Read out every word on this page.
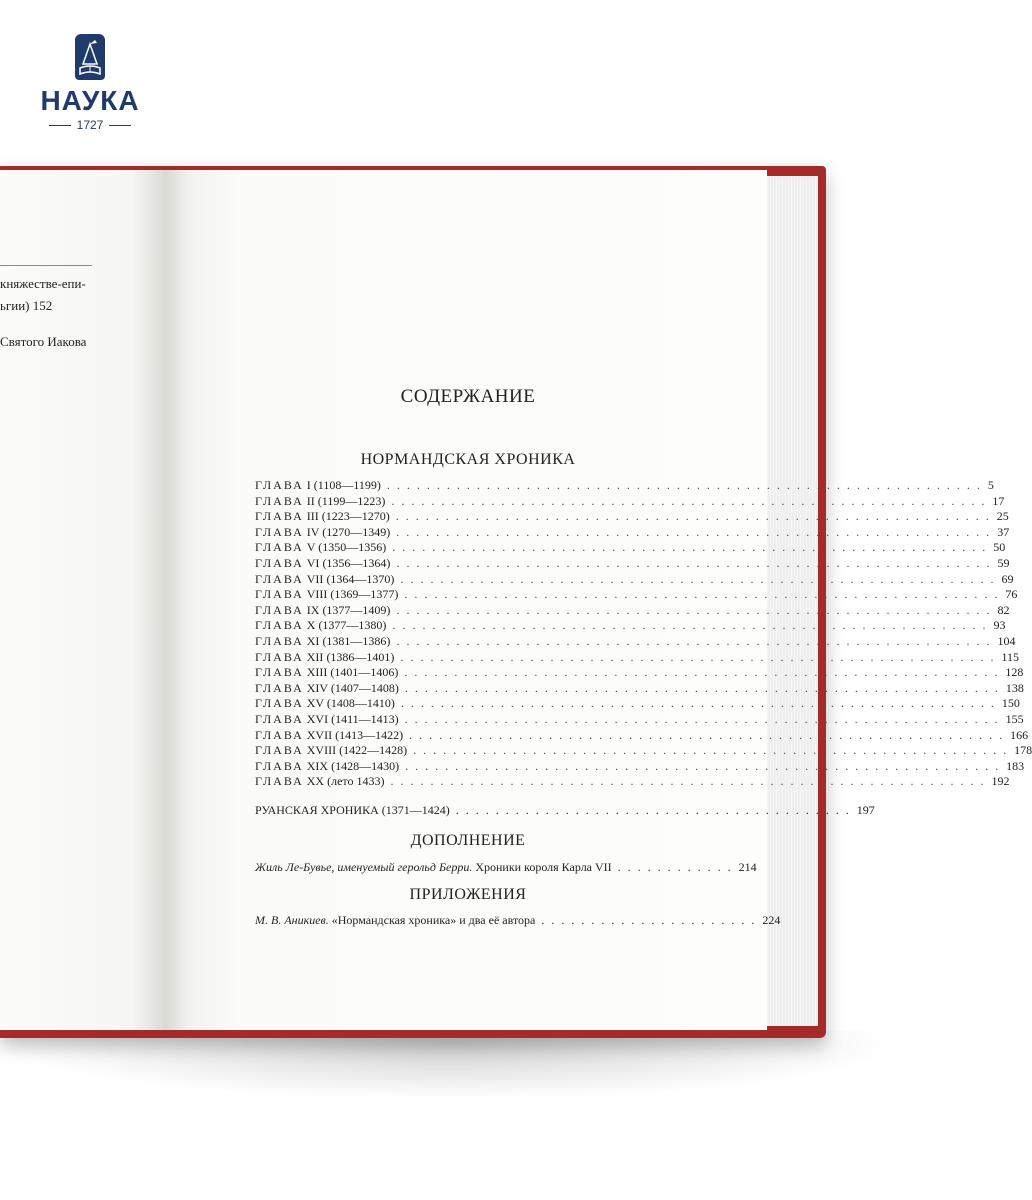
НАУКА
1727
княжестве-епи-
ьгии) 152
Святого Иакова
СОДЕРЖАНИЕ
НОРМАНДСКАЯ ХРОНИКА
ГЛАВА I (1108—1199) . . . . . . . . . . . . . . . . . . . . . . . . . . . . . . . . . . . . . . . . . . . . . . . . . . . . . . . . . . . . 5
ГЛАВА II (1199—1223) . . . . . . . . . . . . . . . . . . . . . . . . . . . . . . . . . . . . . . . . . . . . . . . . . . . . . . . . . . . . 17
ГЛАВА III (1223—1270) . . . . . . . . . . . . . . . . . . . . . . . . . . . . . . . . . . . . . . . . . . . . . . . . . . . . . . . . . . . . 25
ГЛАВА IV (1270—1349) . . . . . . . . . . . . . . . . . . . . . . . . . . . . . . . . . . . . . . . . . . . . . . . . . . . . . . . . . . . . 37
ГЛАВА V (1350—1356) . . . . . . . . . . . . . . . . . . . . . . . . . . . . . . . . . . . . . . . . . . . . . . . . . . . . . . . . . . . . 50
ГЛАВА VI (1356—1364) . . . . . . . . . . . . . . . . . . . . . . . . . . . . . . . . . . . . . . . . . . . . . . . . . . . . . . . . . . . . 59
ГЛАВА VII (1364—1370) . . . . . . . . . . . . . . . . . . . . . . . . . . . . . . . . . . . . . . . . . . . . . . . . . . . . . . . . . . . . 69
ГЛАВА VIII (1369—1377) . . . . . . . . . . . . . . . . . . . . . . . . . . . . . . . . . . . . . . . . . . . . . . . . . . . . . . . . . . . . 76
ГЛАВА IX (1377—1409) . . . . . . . . . . . . . . . . . . . . . . . . . . . . . . . . . . . . . . . . . . . . . . . . . . . . . . . . . . . . 82
ГЛАВА X (1377—1380) . . . . . . . . . . . . . . . . . . . . . . . . . . . . . . . . . . . . . . . . . . . . . . . . . . . . . . . . . . . . 93
ГЛАВА XI (1381—1386) . . . . . . . . . . . . . . . . . . . . . . . . . . . . . . . . . . . . . . . . . . . . . . . . . . . . . . . . . . . . 104
ГЛАВА XII (1386—1401) . . . . . . . . . . . . . . . . . . . . . . . . . . . . . . . . . . . . . . . . . . . . . . . . . . . . . . . . . . . . 115
ГЛАВА XIII (1401—1406) . . . . . . . . . . . . . . . . . . . . . . . . . . . . . . . . . . . . . . . . . . . . . . . . . . . . . . . . . . . . 128
ГЛАВА XIV (1407—1408) . . . . . . . . . . . . . . . . . . . . . . . . . . . . . . . . . . . . . . . . . . . . . . . . . . . . . . . . . . . . 138
ГЛАВА XV (1408—1410) . . . . . . . . . . . . . . . . . . . . . . . . . . . . . . . . . . . . . . . . . . . . . . . . . . . . . . . . . . . . 150
ГЛАВА XVI (1411—1413) . . . . . . . . . . . . . . . . . . . . . . . . . . . . . . . . . . . . . . . . . . . . . . . . . . . . . . . . . . . . 155
ГЛАВА XVII (1413—1422) . . . . . . . . . . . . . . . . . . . . . . . . . . . . . . . . . . . . . . . . . . . . . . . . . . . . . . . . . . . . 166
ГЛАВА XVIII (1422—1428) . . . . . . . . . . . . . . . . . . . . . . . . . . . . . . . . . . . . . . . . . . . . . . . . . . . . . . . . . . . . 178
ГЛАВА XIX (1428—1430) . . . . . . . . . . . . . . . . . . . . . . . . . . . . . . . . . . . . . . . . . . . . . . . . . . . . . . . . . . . . 183
ГЛАВА XX (лето 1433) . . . . . . . . . . . . . . . . . . . . . . . . . . . . . . . . . . . . . . . . . . . . . . . . . . . . . . . . . . . . 192
РУАНСКАЯ ХРОНИКА (1371—1424) . . . . . . . . . . . . . . . . . . . . . . . . . . . . . . . . . . . . . . . . 197
ДОПОЛНЕНИЕ
Жиль Ле-Бувье, именуемый герольд Берри. Хроники короля Карла VII . . . . . . . . . . . . 214
ПРИЛОЖЕНИЯ
М. В. Аникиев. «Нормандская хроника» и два её автора . . . . . . . . . . . . . . . . . . . . . . 224
